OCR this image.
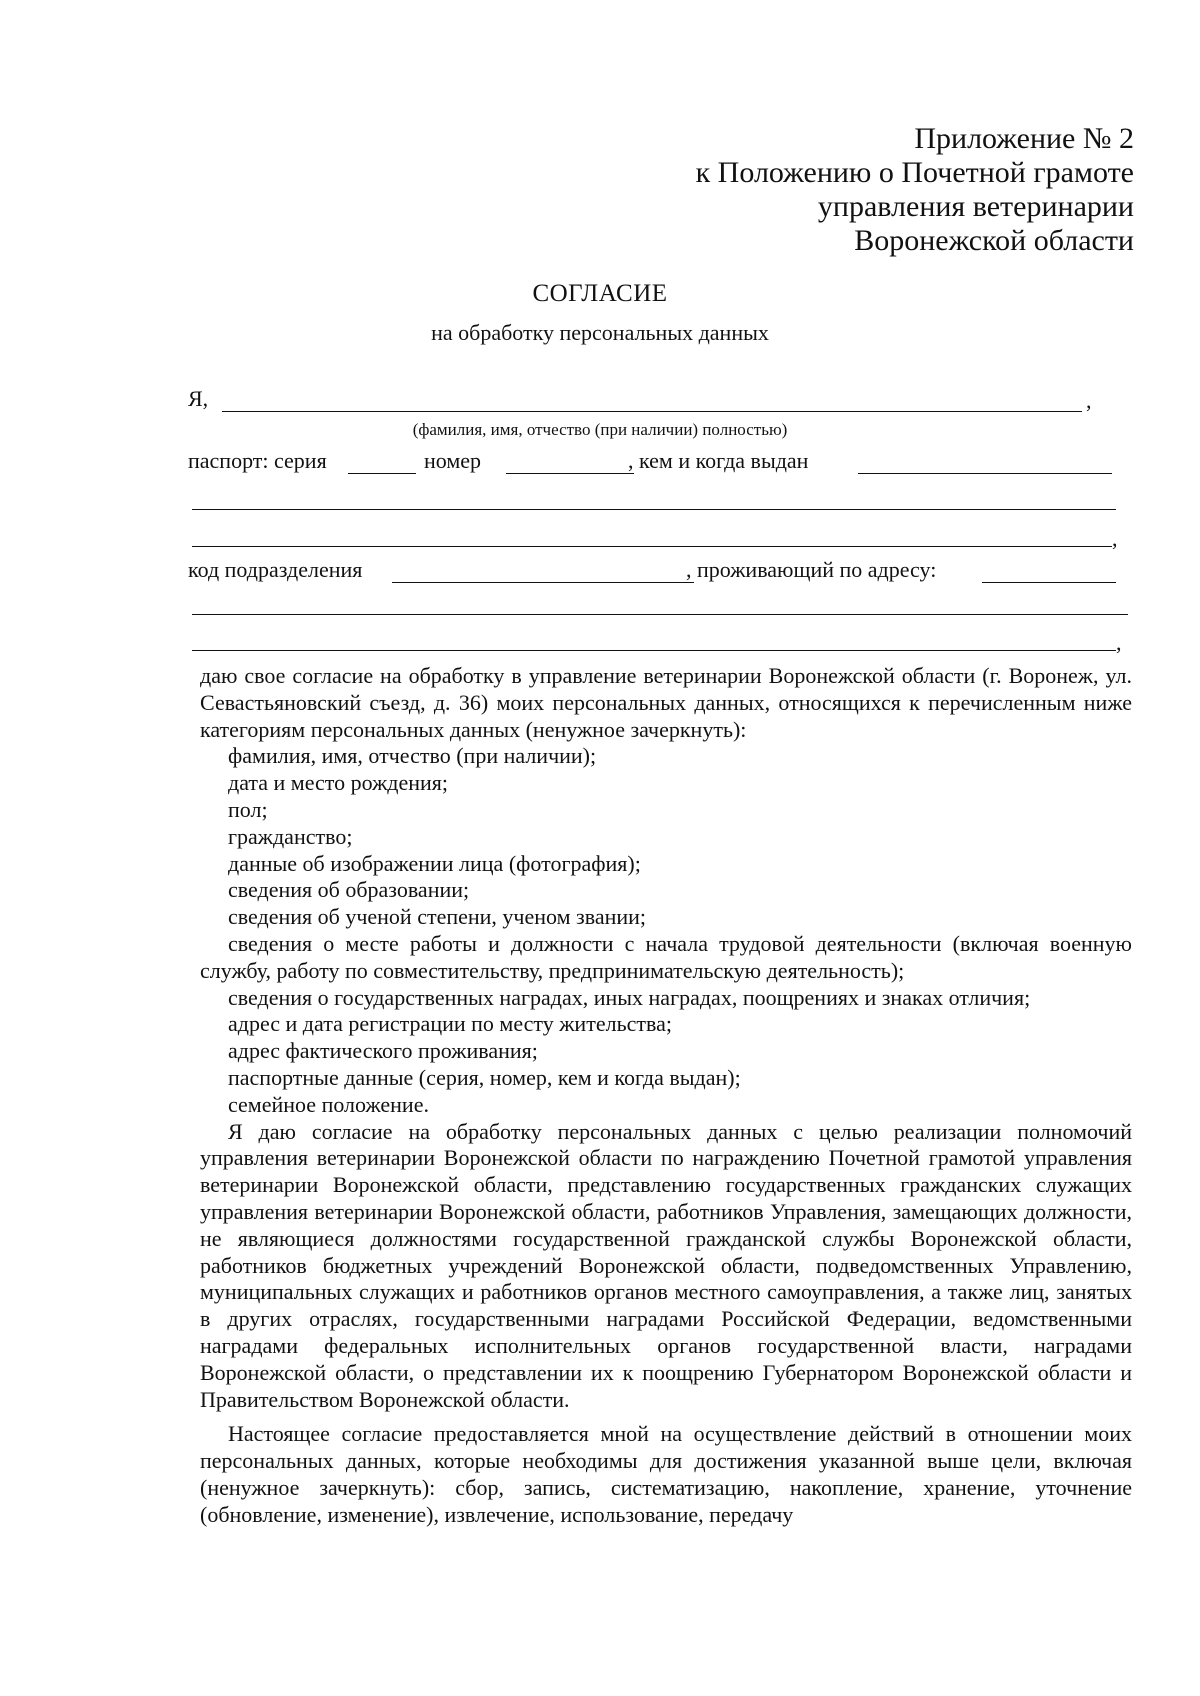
Приложение № 2
к Положению о Почетной грамоте
управления ветеринарии
Воронежской области
СОГЛАСИЕ
на обработку персональных данных
Я,	,
(фамилия, имя, отчество (при наличии) полностью)
паспорт: серия	номер	, кем и когда выдан
,
код подразделения	, проживающий по адресу:
,

даю свое согласие на обработку в управление ветеринарии Воронежской области (г. Воронеж, ул. Севастьяновский съезд, д. 36) моих персональных данных, относящихся к перечисленным ниже категориям персональных данных (ненужное зачеркнуть):

фамилия, имя, отчество (при наличии);

дата и место рождения;

пол;

гражданство;

данные об изображении лица (фотография);

сведения об образовании;

сведения об ученой степени, ученом звании;

сведения о месте работы и должности с начала трудовой деятельности (включая военную службу, работу по совместительству, предпринимательскую деятельность);

сведения о государственных наградах, иных наградах, поощрениях и знаках отличия;

адрес и дата регистрации по месту жительства;

адрес фактического проживания;

паспортные данные (серия, номер, кем и когда выдан);

семейное положение.

Я даю согласие на обработку персональных данных с целью реализации полномочий управления ветеринарии Воронежской области по награждению Почетной грамотой управления ветеринарии Воронежской области, представлению государственных гражданских служащих управления ветеринарии Воронежской области, работников Управления, замещающих должности, не являющиеся должностями государственной гражданской службы Воронежской области, работников бюджетных учреждений Воронежской области, подведомственных Управлению, муниципальных служащих и работников органов местного самоуправления, а также лиц, занятых в других отраслях, государственными наградами Российской Федерации, ведомственными наградами федеральных исполнительных органов государственной власти, наградами Воронежской области, о представлении их к поощрению Губернатором Воронежской области и Правительством Воронежской области.

Настоящее согласие предоставляется мной на осуществление действий в отношении моих персональных данных, которые необходимы для достижения указанной выше цели, включая (ненужное зачеркнуть): сбор, запись, систематизацию, накопление, хранение, уточнение (обновление, изменение), извлечение, использование, передачу
